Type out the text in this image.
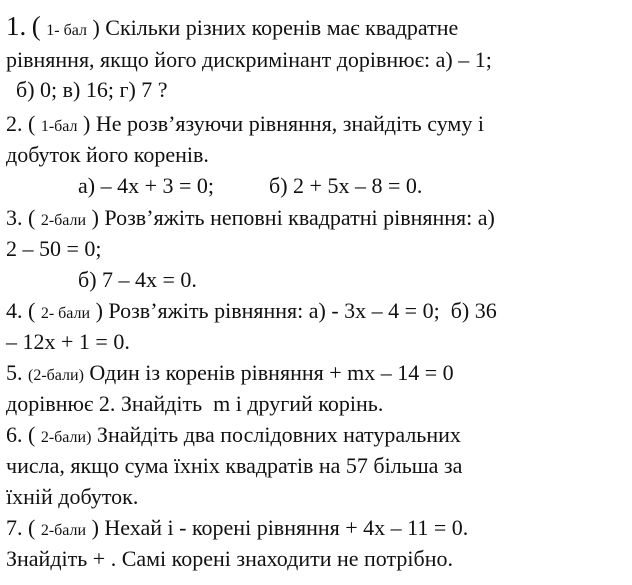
1. ( 1- бал ) Скільки різних коренів має квадратне
рівняння, якщо його дискримінант дорівнює: а) – 1;
б) 0; в) 16; г) 7 ?
2. ( 1-бал ) Не розв’язуючи рівняння, знайдіть суму і
добуток його коренів.
а) – 4х + 3 = 0;          б) 2 + 5х – 8 = 0.
3. ( 2-бали ) Розв’яжіть неповні квадратні рівняння: а)
2 – 50 = 0;
б) 7 – 4х = 0.
4. ( 2- бали ) Розв’яжіть рівняння: а) - 3х – 4 = 0;  б) 36
– 12х + 1 = 0.
5. (2-бали) Один із коренів рівняння + mx – 14 = 0
дорівнює 2. Знайдіть  m і другий корінь.
6. ( 2-бали) Знайдіть два послідовних натуральних
числа, якщо сума їхніх квадратів на 57 більша за
їхній добуток.
7. ( 2-бали ) Нехай і - корені рівняння + 4х – 11 = 0.
Знайдіть + . Самі корені знаходити не потрібно.
